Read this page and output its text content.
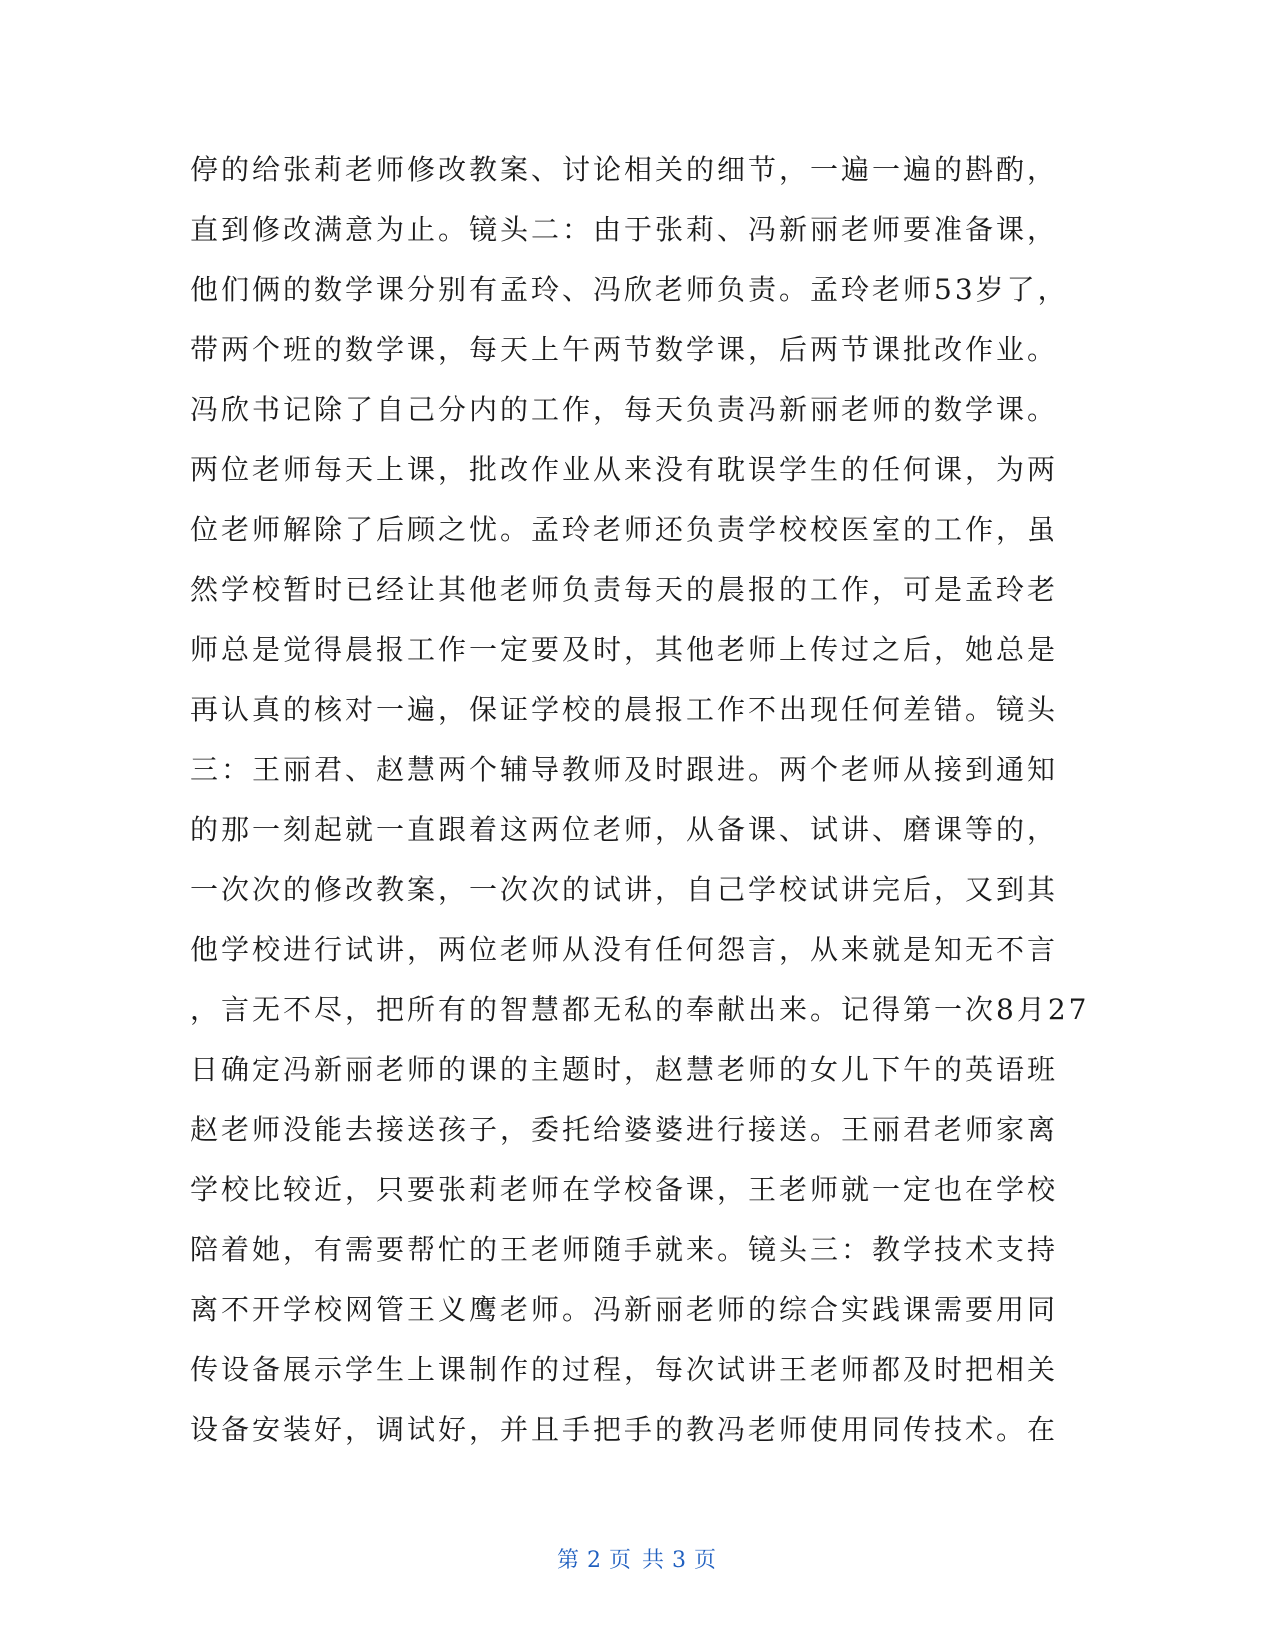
停的给张莉老师修改教案、讨论相关的细节，一遍一遍的斟酌，
直到修改满意为止。镜头二：由于张莉、冯新丽老师要准备课，
他们俩的数学课分别有孟玲、冯欣老师负责。孟玲老师53岁了，
带两个班的数学课，每天上午两节数学课，后两节课批改作业。
冯欣书记除了自己分内的工作，每天负责冯新丽老师的数学课。
两位老师每天上课，批改作业从来没有耽误学生的任何课，为两
位老师解除了后顾之忧。孟玲老师还负责学校校医室的工作，虽
然学校暂时已经让其他老师负责每天的晨报的工作，可是孟玲老
师总是觉得晨报工作一定要及时，其他老师上传过之后，她总是
再认真的核对一遍，保证学校的晨报工作不出现任何差错。镜头
三：王丽君、赵慧两个辅导教师及时跟进。两个老师从接到通知
的那一刻起就一直跟着这两位老师，从备课、试讲、磨课等的，
一次次的修改教案，一次次的试讲，自己学校试讲完后，又到其
他学校进行试讲，两位老师从没有任何怨言，从来就是知无不言
，言无不尽，把所有的智慧都无私的奉献出来。记得第一次8月27
日确定冯新丽老师的课的主题时，赵慧老师的女儿下午的英语班
赵老师没能去接送孩子，委托给婆婆进行接送。王丽君老师家离
学校比较近，只要张莉老师在学校备课，王老师就一定也在学校
陪着她，有需要帮忙的王老师随手就来。镜头三：教学技术支持
离不开学校网管王义鹰老师。冯新丽老师的综合实践课需要用同
传设备展示学生上课制作的过程，每次试讲王老师都及时把相关
设备安装好，调试好，并且手把手的教冯老师使用同传技术。在
第 2 页 共 3 页
